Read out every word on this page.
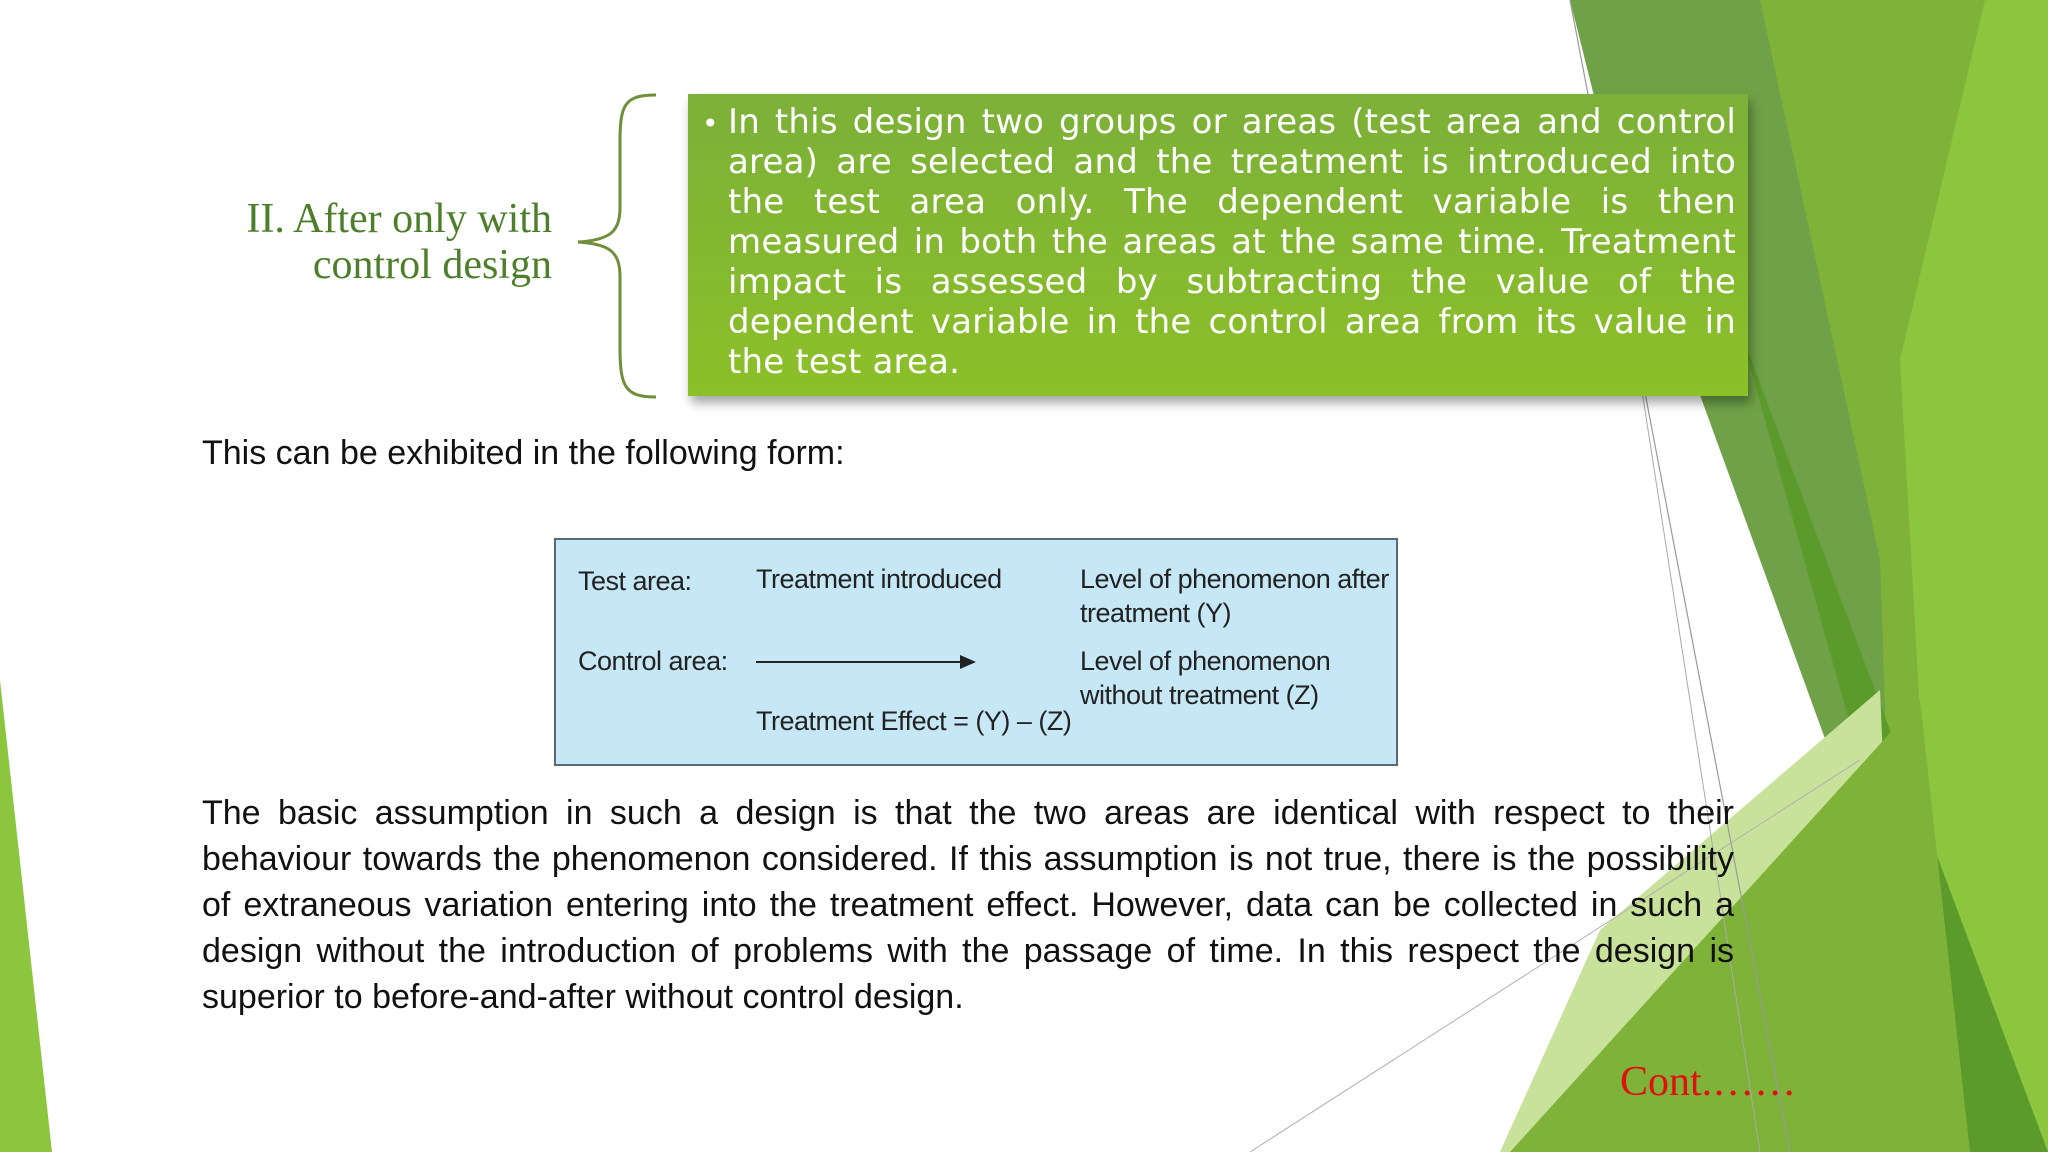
II. After only with
control design
• In this design two groups or areas (test area and control area) are selected and the treatment is introduced into the test area only. The dependent variable is then measured in both the areas at the same time. Treatment impact is assessed by subtracting the value of the dependent variable in the control area from its value in the test area.
This can be exhibited in the following form:
Test area: Treatment introduced	Level of phenomenon after treatment (Y)
Control area:	Level of phenomenon without treatment (Z)
Treatment Effect = (Y) – (Z)
The basic assumption in such a design is that the two areas are identical with respect to their behaviour towards the phenomenon considered. If this assumption is not true, there is the possibility of extraneous variation entering into the treatment effect. However, data can be collected in such a design without the introduction of problems with the passage of time. In this respect the design is superior to before-and-after without control design.
Cont.……
